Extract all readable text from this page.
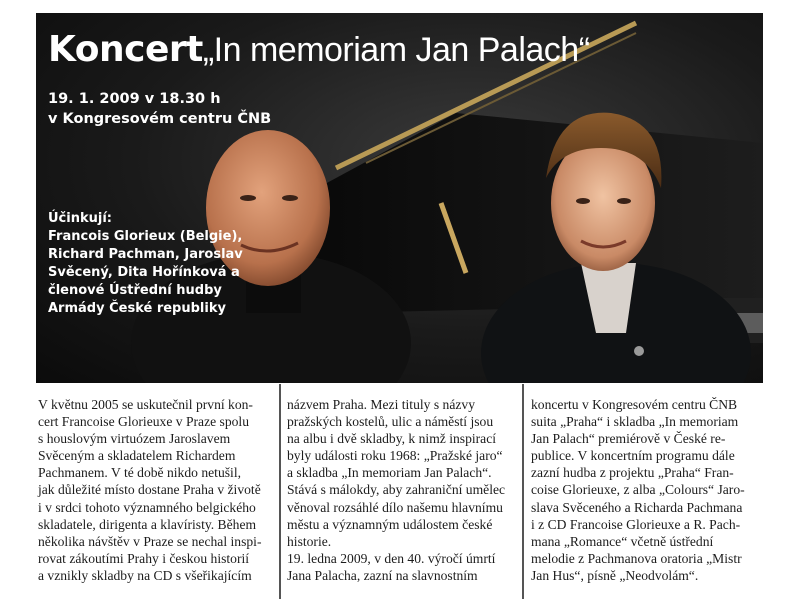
Koncert„In memoriam Jan Palach“
19. 1. 2009 v 18.30 h
v Kongresovém centru ČNB
Účinkují:
Francois Glorieux (Belgie), Richard Pachman, Jaroslav Svěcený, Dita Hořínková a členové Ústřední hudby Armády České republiky

V květnu 2005 se uskutečnil první kon-

cert Francoise Glorieuxe v Praze spolu

s houslovým virtuózem Jaroslavem

Svěceným a skladatelem Richardem

Pachmanem. V té době nikdo netušil,

jak důležité místo dostane Praha v životě

i v srdci tohoto významného belgického

skladatele, dirigenta a klavíristy. Během

několika návštěv v Praze se nechal inspi-

rovat zákoutími Prahy i českou historií

a vznikly skladby na CD s všeřikajícím

názvem Praha. Mezi tituly s názvy

pražských kostelů, ulic a náměstí jsou

na albu i dvě skladby, k nimž inspirací

byly události roku 1968: „Pražské jaro“

a skladba „In memoriam Jan Palach“.

Stává s málokdy, aby zahraniční umělec

věnoval rozsáhlé dílo našemu hlavnímu

městu a významným událostem české

historie.

19. ledna 2009, v den 40. výročí úmrtí

Jana Palacha, zazní na slavnostním

koncertu v Kongresovém centru ČNB

suita „Praha“ i skladba „In memoriam

Jan Palach“ premiérově v České re-

publice. V koncertním programu dále

zazní hudba z projektu „Praha“ Fran-

coise Glorieuxe, z alba „Colours“ Jaro-

slava Svěceného a Richarda Pachmana

i z CD Francoise Glorieuxe a R. Pach-

mana „Romance“ včetně ústřední

melodie z Pachmanova oratoria „Mistr

Jan Hus“, písně „Neodvolám“.
